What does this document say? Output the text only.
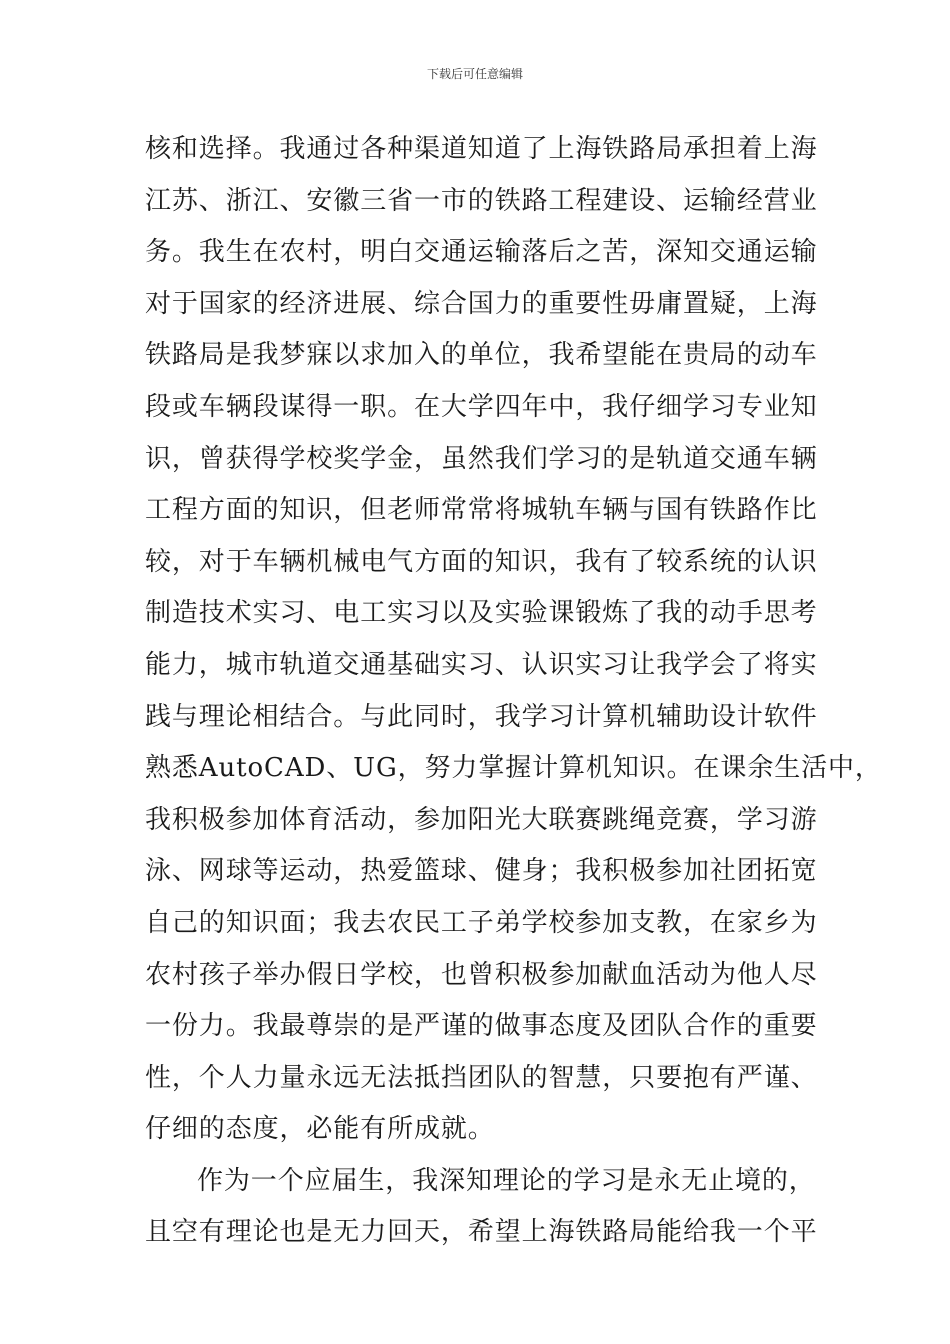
下载后可任意编辑
核和选择。我通过各种渠道知道了上海铁路局承担着上海
江苏、浙江、安徽三省一市的铁路工程建设、运输经营业
务。我生在农村，明白交通运输落后之苦，深知交通运输
对于国家的经济进展、综合国力的重要性毋庸置疑，上海
铁路局是我梦寐以求加入的单位，我希望能在贵局的动车
段或车辆段谋得一职。在大学四年中，我仔细学习专业知
识，曾获得学校奖学金，虽然我们学习的是轨道交通车辆
工程方面的知识，但老师常常将城轨车辆与国有铁路作比
较，对于车辆机械电气方面的知识，我有了较系统的认识
制造技术实习、电工实习以及实验课锻炼了我的动手思考
能力，城市轨道交通基础实习、认识实习让我学会了将实
践与理论相结合。与此同时，我学习计算机辅助设计软件
熟悉AutoCAD、UG，努力掌握计算机知识。在课余生活中，
我积极参加体育活动，参加阳光大联赛跳绳竞赛，学习游
泳、网球等运动，热爱篮球、健身；我积极参加社团拓宽
自己的知识面；我去农民工子弟学校参加支教，在家乡为
农村孩子举办假日学校，也曾积极参加献血活动为他人尽
一份力。我最尊崇的是严谨的做事态度及团队合作的重要
性，个人力量永远无法抵挡团队的智慧，只要抱有严谨、
仔细的态度，必能有所成就。
作为一个应届生，我深知理论的学习是永无止境的，
且空有理论也是无力回天，希望上海铁路局能给我一个平
